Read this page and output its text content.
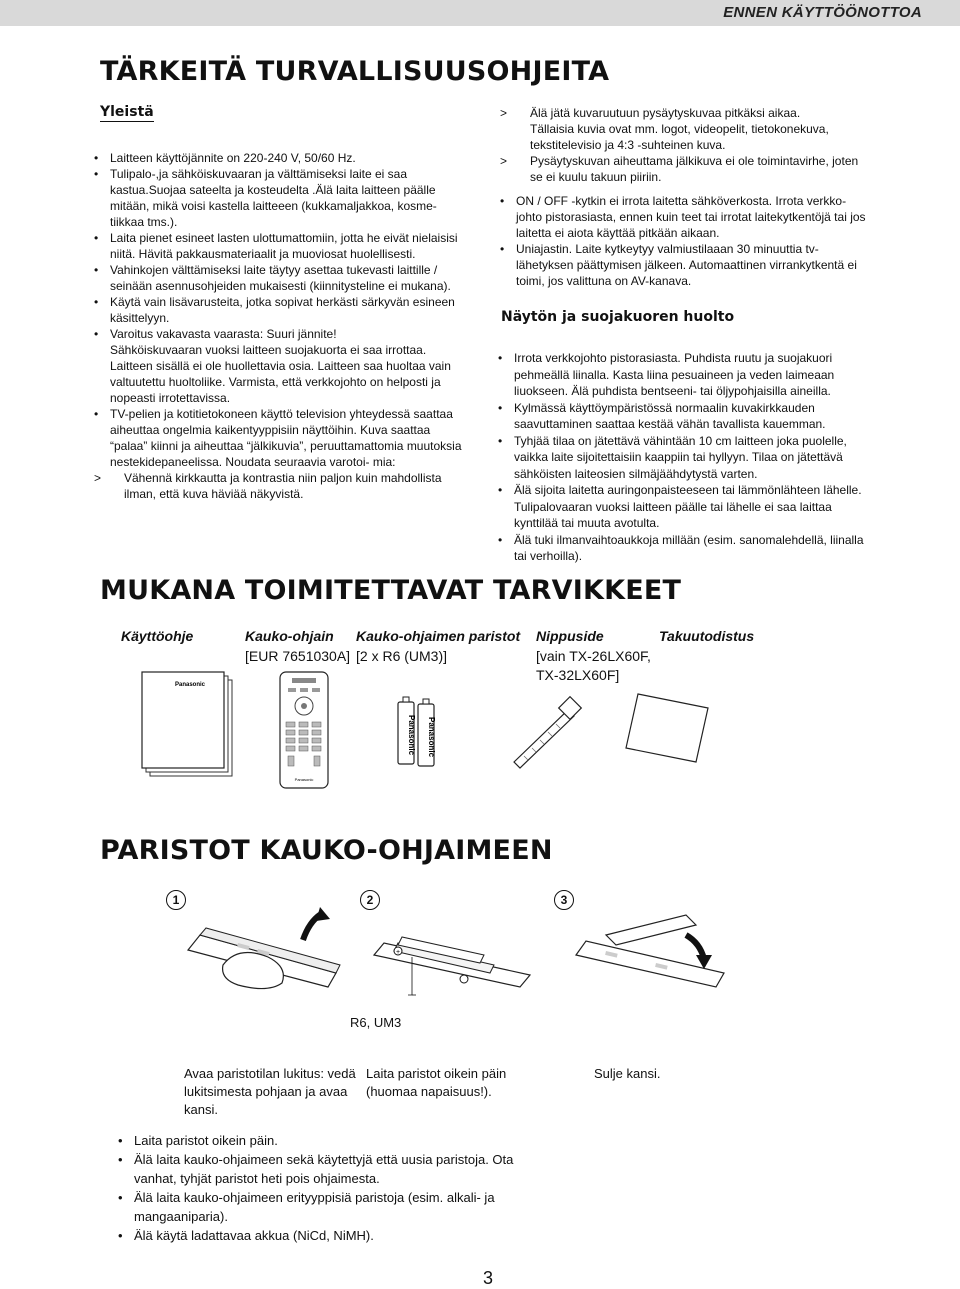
ENNEN KÄYTTÖÖNOTTOA
TÄRKEITÄ TURVALLISUUSOHJEITA
Yleistä
• Laitteen käyttöjännite on 220-240 V, 50/60 Hz.
• Tulipalo-,ja sähköiskuvaaran ja välttämiseksi laite ei saa kastua.Suojaa sateelta ja kosteudelta .Älä laita laitteen päälle mitään, mikä voisi kastella laitteeen (kukkamaljakkoa, kosme- tiikkaa tms.).
• Laita pienet esineet lasten ulottumattomiin, jotta he eivät nielaisisi niitä. Hävitä pakkausmateriaalit ja muoviosat huolellisesti.
• Vahinkojen välttämiseksi laite täytyy asettaa tukevasti laittille / seinään asennusohjeiden mukaisesti (kiinnitysteline ei mukana).
• Käytä vain lisävarusteita, jotka sopivat herkästi särkyvän esineen käsittelyyn.
• Varoitus vakavasta vaarasta: Suuri jännite!
Sähköiskuvaaran vuoksi laitteen suojakuorta ei saa irrottaa. Laitteen sisällä ei ole huollettavia osia. Laitteen saa huoltaa vain valtuutettu huoltoliike. Varmista, että verkkojohto on helposti ja nopeasti irrotettavissa.
• TV-pelien ja kotitietokoneen käyttö television yhteydessä saattaa aiheuttaa ongelmia kaikentyyppisiin näyttöihin. Kuva saattaa “palaa” kiinni ja aiheuttaa “jälkikuvia”, peruuttamattomia muutoksia nestekidepaneelissa. Noudata seuraavia varotoi- mia:
> Vähennä kirkkautta ja kontrastia niin paljon kuin mahdollista ilman, että kuva häviää näkyvistä.
> Älä jätä kuvaruutuun pysäytyskuvaa pitkäksi aikaa.
Tällaisia kuvia ovat mm. logot, videopelit, tietokonekuva, tekstitelevisio ja 4:3 -suhteinen kuva.
> Pysäytyskuvan aiheuttama jälkikuva ei ole toimintavirhe, joten se ei kuulu takuun piiriin.
• ON / OFF -kytkin ei irrota laitetta sähköverkosta. Irrota verkko- johto pistorasiasta, ennen kuin teet tai irrotat laitekytkentöjä tai jos laitetta ei aiota käyttää pitkään aikaan.
• Uniajastin. Laite kytkeytyy valmiustilaaan 30 minuuttia tv- lähetyksen päättymisen jälkeen. Automaattinen virrankytkentä ei toimi, jos valittuna on AV-kanava.
Näytön ja suojakuoren huolto
• Irrota verkkojohto pistorasiasta. Puhdista ruutu ja suojakuori pehmeällä liinalla. Kasta liina pesuaineen ja veden laimeaan liuokseen. Älä puhdista bentseeni- tai öljypohjaisilla aineilla.
• Kylmässä käyttöympäristössä normaalin kuvakirkkauden saavuttaminen saattaa kestää vähän tavallista kauemman.
• Tyhjää tilaa on jätettävä vähintään 10 cm laitteen joka puolelle, vaikka laite sijoitettaisiin kaappiin tai hyllyyn. Tilaa on jätettävä sähköisten laiteosien silmäjäähdytystä varten.
• Älä sijoita laitetta auringonpaisteeseen tai lämmönlähteen lähelle. Tulipalovaaran vuoksi laitteen päälle tai lähelle ei saa laittaa kynttilää tai muuta avotulta.
• Älä tuki ilmanvaihtoaukkoja millään (esim. sanomalehdellä, liinalla tai verhoilla).
MUKANA TOIMITETTAVAT TARVIKKEET
Käyttöohje	Kauko-ohjain Kauko-ohjaimen paristot Nippuside	Takuutodistus
[EUR 7651030A] [2 x R6 (UM3)]	[vain TX-26LX60F,
TX-32LX60F]
Panasonic
Panasonic
Panasonic Panasonic
PARISTOT KAUKO-OHJAIMEEN
1	2	3
+
R6, UM3
Avaa paristotilan lukitus: vedä lukitsimesta pohjaan ja avaa kansi.
Laita paristot oikein päin (huomaa napaisuus!).
Sulje kansi.
• Laita paristot oikein päin.
• Älä laita kauko-ohjaimeen sekä käytettyjä että uusia paristoja. Ota vanhat, tyhjät paristot heti pois ohjaimesta.
• Älä laita kauko-ohjaimeen erityyppisiä paristoja (esim. alkali- ja mangaaniparia).
• Älä käytä ladattavaa akkua (NiCd, NiMH).
3
